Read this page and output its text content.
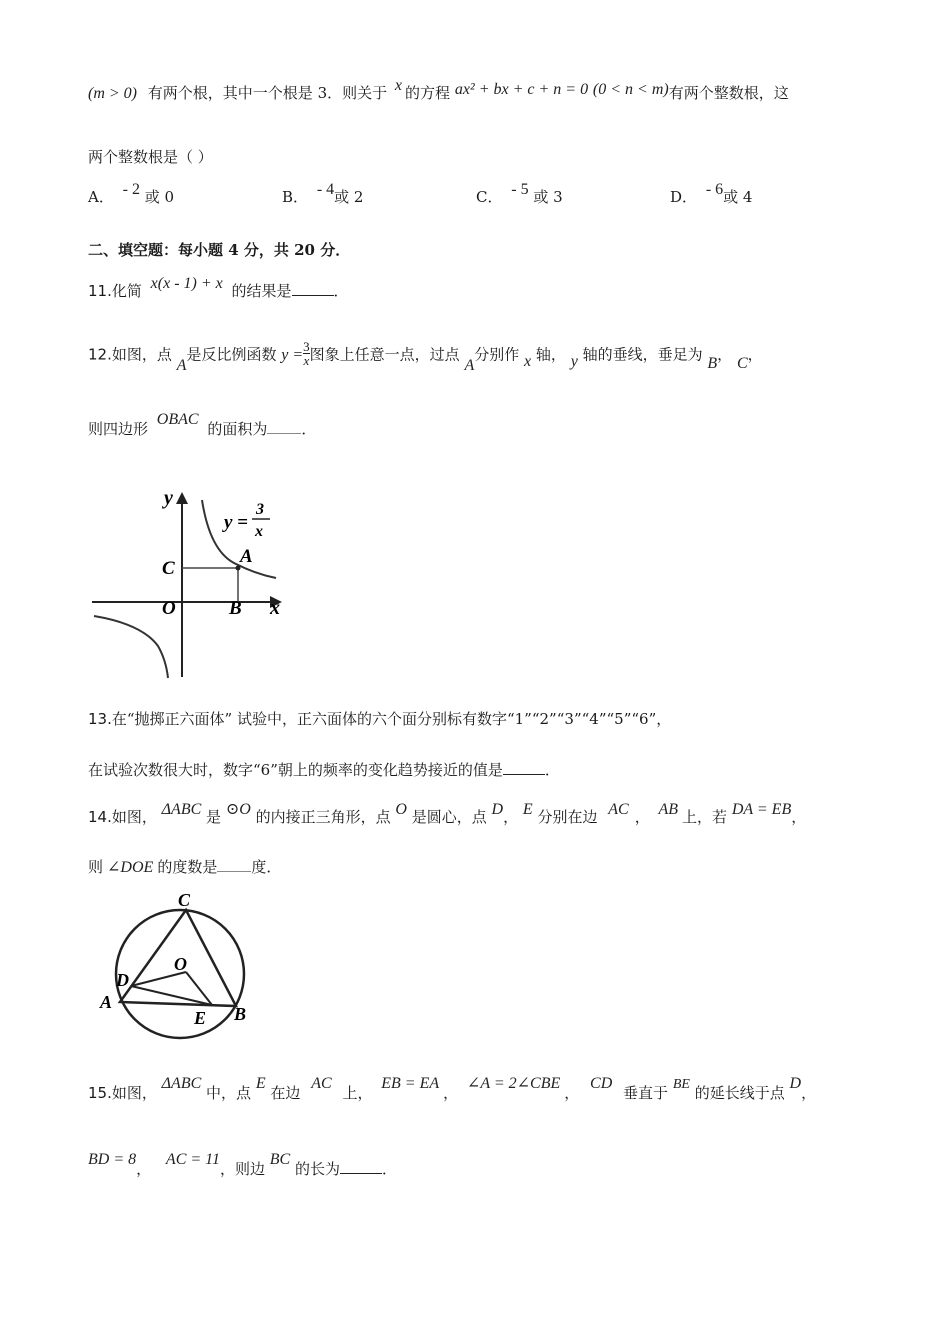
(m > 0) 有两个根，其中一个根是 3．则关于 x 的方程 ax² + bx + c + n = 0 (0 < n < m)有两个整数根，这
两个整数根是（ ）
A． - 2 或 0	B． - 4或 2	C． - 5 或 3	D． - 6或 4
二、填空题：每小题 4 分，共 20 分．
11.化简 x(x - 1) + x 的结果是	．
12.如图，点 A是反比例函数 $y = \frac{3}{x}$ 图象上任意一点，过点 A分别作 x 轴， y 轴的垂线，垂足为 B， C，
则四边形 OBAC 的面积为 ．
y
x
y =
3
x
A
B
C
O
13.在“抛掷正六面体” 试验中，正六面体的六个面分别标有数字“1”“2”“3”“4”“5”“6”，
在试验次数很大时，数字“6”朝上的频率的变化趋势接近的值是	．
14.如图， ΔABC 是 ⊙O 的内接正三角形，点 O 是圆心，点 D， E 分别在边 AC ， AB 上，若 DA = EB，
则 ∠DOE 的度数是 度．
C
O
D
A
E B
15.如图， ΔABC 中，点 E 在边 AC 上， EB = EA， ∠A = 2∠CBE， CD 垂直于 BE 的延长线于点 D，
BD = 8， AC = 11，则边 BC 的长为	．
